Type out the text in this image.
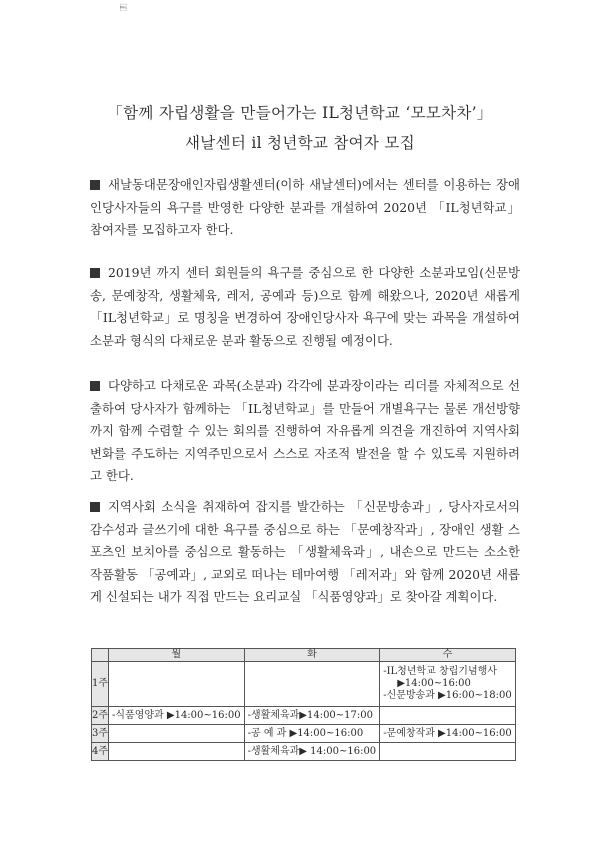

「함께 자립생활을 만들어가는 IL청년학교 ‘모모차차’」
새날센터 il 청년학교 참여자 모집
새날동대문장애인자립생활센터(이하 새날센터)에서는 센터를 이용하는 장애인당사자들의 욕구를 반영한 다양한 분과를 개설하여 2020년 「IL청년학교」 참여자를 모집하고자 한다.
2019년 까지 센터 회원들의 욕구를 중심으로 한 다양한 소분과모임(신문방송, 문예창작, 생활체육, 레저, 공예과 등)으로 함께 해왔으나, 2020년 새롭게 「IL청년학교」로 명칭을 변경하여 장애인당사자 욕구에 맞는 과목을 개설하여 소분과 형식의 다채로운 분과 활동으로 진행될 예정이다.
다양하고 다채로운 과목(소분과) 각각에 분과장이라는 리더를 자체적으로 선출하여 당사자가 함께하는 「IL청년학교」를 만들어 개별욕구는 물론 개선방향까지 함께 수렴할 수 있는 회의를 진행하여 자유롭게 의견을 개진하여 지역사회 변화를 주도하는 지역주민으로서 스스로 자조적 발전을 할 수 있도록 지원하려고 한다.
지역사회 소식을 취재하여 잡지를 발간하는 「신문방송과」, 당사자로서의 감수성과 글쓰기에 대한 욕구를 중심으로 하는 「문예창작과」, 장애인 생활 스포츠인 보치아를 중심으로 활동하는 「생활체육과」, 내손으로 만드는 소소한 작품활동 「공예과」, 교외로 떠나는 테마여행 「레저과」와 함께 2020년 새롭게 신설되는 내가 직접 만드는 요리교실 「식품영양과」로 찾아갈 계획이다.
	월	화	수
1주			-IL청년학교 창립기념행사
▶14:00~16:00
-신문방송과 ▶16:00~18:00

2주	-식품영양과 ▶14:00~16:00	-생활체육과▶14:00~17:00	
3주		-공 예 과 ▶14:00~16:00	-문예창작과 ▶14:00~16:00
4주		-생활체육과▶ 14:00~16:00	
